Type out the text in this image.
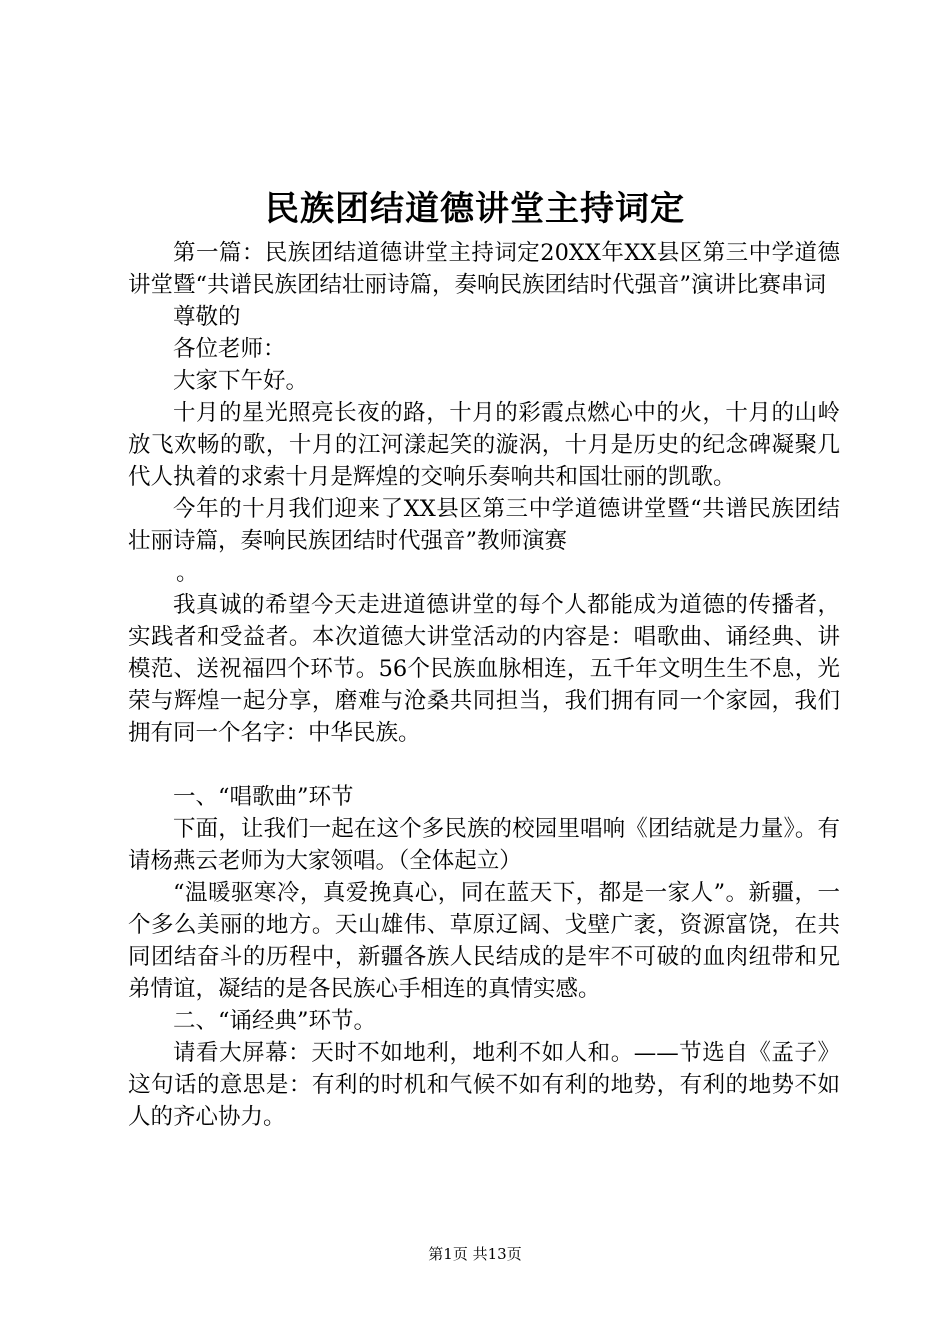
民族团结道德讲堂主持词定

第一篇：民族团结道德讲堂主持词定20XX年XX县区第三中学道德讲堂暨“共谱民族团结壮丽诗篇，奏响民族团结时代强音”演讲比赛串词

尊敬的

各位老师：

大家下午好。

十月的星光照亮长夜的路，十月的彩霞点燃心中的火，十月的山岭放飞欢畅的歌，十月的江河漾起笑的漩涡，十月是历史的纪念碑凝聚几代人执着的求索十月是辉煌的交响乐奏响共和国壮丽的凯歌。

今年的十月我们迎来了XX县区第三中学道德讲堂暨“共谱民族团结壮丽诗篇，奏响民族团结时代强音”教师演赛

。

我真诚的希望今天走进道德讲堂的每个人都能成为道德的传播者，实践者和受益者。本次道德大讲堂活动的内容是：唱歌曲、诵经典、讲模范、送祝福四个环节。56个民族血脉相连，五千年文明生生不息，光荣与辉煌一起分享，磨难与沧桑共同担当，我们拥有同一个家园，我们拥有同一个名字：中华民族。

一、“唱歌曲”环节

下面，让我们一起在这个多民族的校园里唱响《团结就是力量》。有请杨燕云老师为大家领唱。（全体起立）

“温暖驱寒冷，真爱挽真心，同在蓝天下，都是一家人”。新疆，一个多么美丽的地方。天山雄伟、草原辽阔、戈壁广袤，资源富饶，在共同团结奋斗的历程中，新疆各族人民结成的是牢不可破的血肉纽带和兄弟情谊，凝结的是各民族心手相连的真情实感。

二、“诵经典”环节。

请看大屏幕：天时不如地利，地利不如人和。——节选自《孟子》这句话的意思是：有利的时机和气候不如有利的地势，有利的地势不如人的齐心协力。

第1页 共13页
